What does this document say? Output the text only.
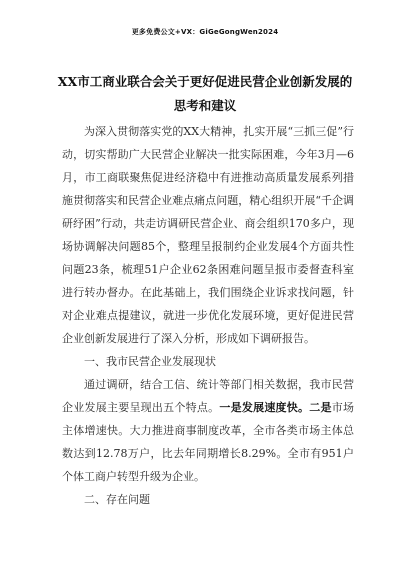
更多免费公文+VX：GiGeGongWen2024
XX市工商业联合会关于更好促进民营企业创新发展的思考和建议

为深入贯彻落实党的XX大精神，扎实开展“三抓三促”行动，切实帮助广大民营企业解决一批实际困难，今年3月—6月，市工商联聚焦促进经济稳中有进推动高质量发展系列措施贯彻落实和民营企业难点痛点问题，精心组织开展“千企调研纾困”行动，共走访调研民营企业、商会组织170多户，现场协调解决问题85个，整理呈报制约企业发展4个方面共性问题23条，梳理51户企业62条困难问题呈报市委督查科室进行转办督办。在此基础上，我们围绕企业诉求找问题，针对企业难点提建议，就进一步优化发展环境，更好促进民营企业创新发展进行了深入分析，形成如下调研报告。

一、我市民营企业发展现状

通过调研，结合工信、统计等部门相关数据，我市民营企业发展主要呈现出五个特点。一是发展速度快。二是市场主体增速快。大力推进商事制度改革，全市各类市场主体总数达到12.78万户，比去年同期增长8.29%。全市有951户个体工商户转型升级为企业。

二、存在问题
